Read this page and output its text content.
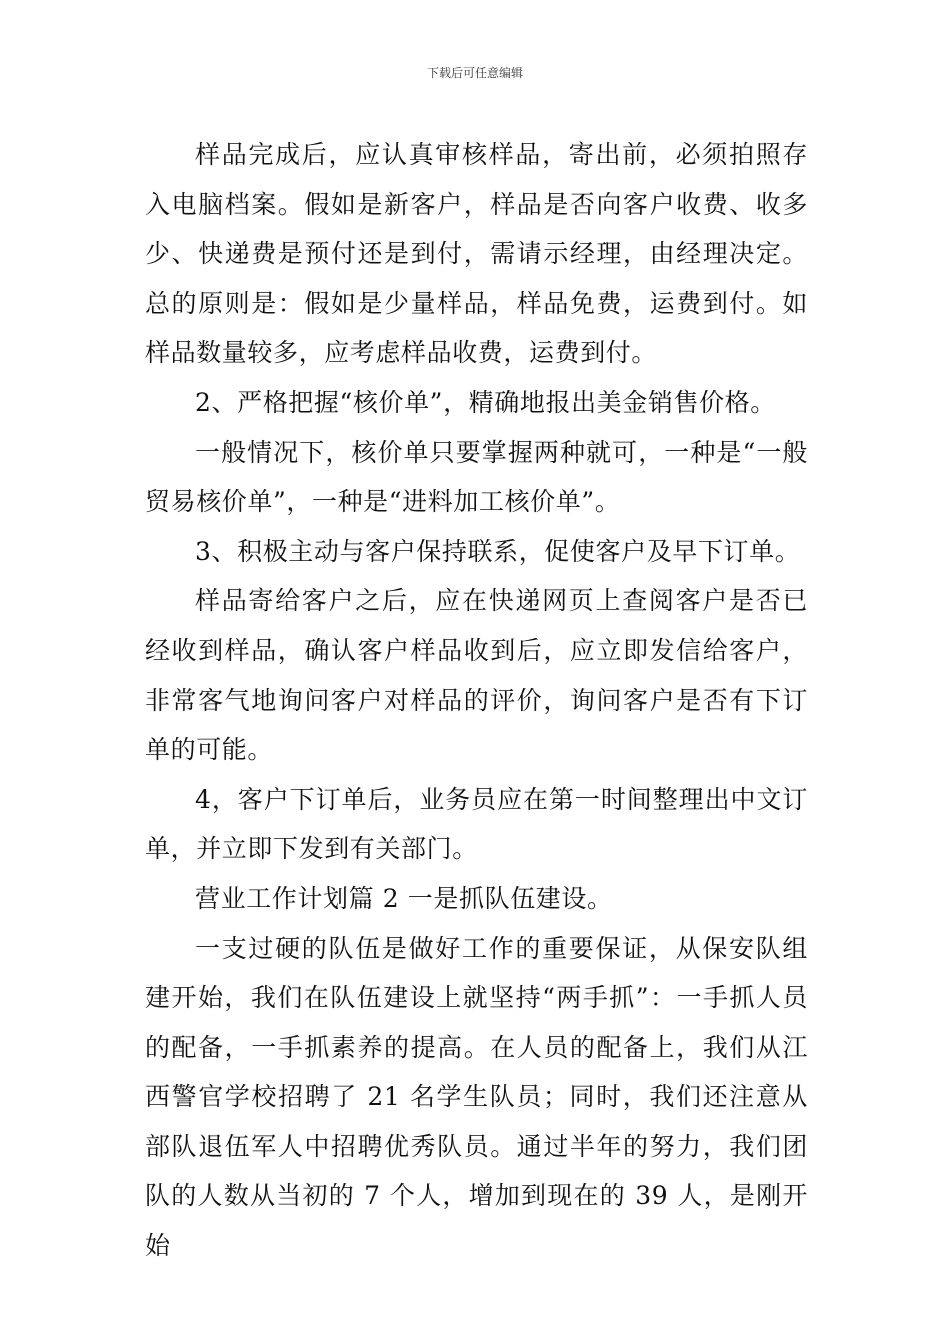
下载后可任意编辑

样品完成后，应认真审核样品，寄出前，必须拍照存入电脑档案。假如是新客户，样品是否向客户收费、收多少、快递费是预付还是到付，需请示经理，由经理决定。总的原则是：假如是少量样品，样品免费，运费到付。如样品数量较多，应考虑样品收费，运费到付。

2、严格把握“核价单”，精确地报出美金销售价格。

一般情况下，核价单只要掌握两种就可，一种是“一般贸易核价单”，一种是“进料加工核价单”。

3、积极主动与客户保持联系，促使客户及早下订单。

样品寄给客户之后，应在快递网页上查阅客户是否已经收到样品，确认客户样品收到后，应立即发信给客户，非常客气地询问客户对样品的评价，询问客户是否有下订单的可能。

4，客户下订单后，业务员应在第一时间整理出中文订单，并立即下发到有关部门。

营业工作计划篇 2 一是抓队伍建设。

一支过硬的队伍是做好工作的重要保证，从保安队组建开始，我们在队伍建设上就坚持“两手抓”：一手抓人员的配备，一手抓素养的提高。在人员的配备上，我们从江西警官学校招聘了 21 名学生队员；同时，我们还注意从部队退伍军人中招聘优秀队员。通过半年的努力，我们团队的人数从当初的 7 个人，增加到现在的 39 人，是刚开始
